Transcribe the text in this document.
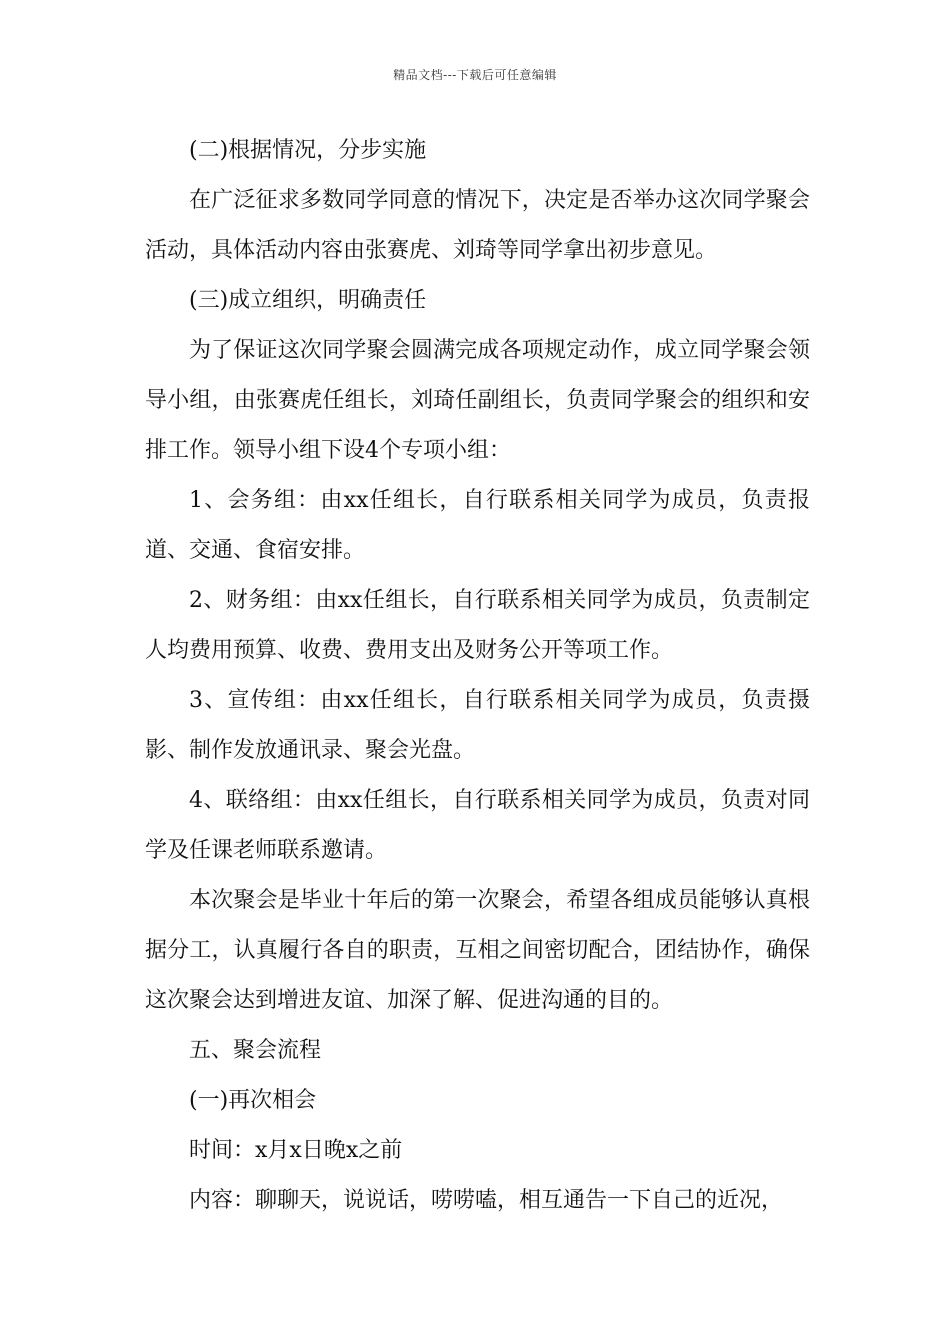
精品文档---下载后可任意编辑

(二)根据情况，分步实施

在广泛征求多数同学同意的情况下，决定是否举办这次同学聚会活动，具体活动内容由张赛虎、刘琦等同学拿出初步意见。

(三)成立组织，明确责任

为了保证这次同学聚会圆满完成各项规定动作，成立同学聚会领导小组，由张赛虎任组长，刘琦任副组长，负责同学聚会的组织和安排工作。领导小组下设4个专项小组：

1、会务组：由xx任组长，自行联系相关同学为成员，负责报道、交通、食宿安排。

2、财务组：由xx任组长，自行联系相关同学为成员，负责制定人均费用预算、收费、费用支出及财务公开等项工作。

3、宣传组：由xx任组长，自行联系相关同学为成员，负责摄影、制作发放通讯录、聚会光盘。

4、联络组：由xx任组长，自行联系相关同学为成员，负责对同学及任课老师联系邀请。

本次聚会是毕业十年后的第一次聚会，希望各组成员能够认真根据分工，认真履行各自的职责，互相之间密切配合，团结协作，确保这次聚会达到增进友谊、加深了解、促进沟通的目的。

五、聚会流程

(一)再次相会

时间：x月x日晚x之前

内容：聊聊天，说说话，唠唠嗑，相互通告一下自己的近况，
